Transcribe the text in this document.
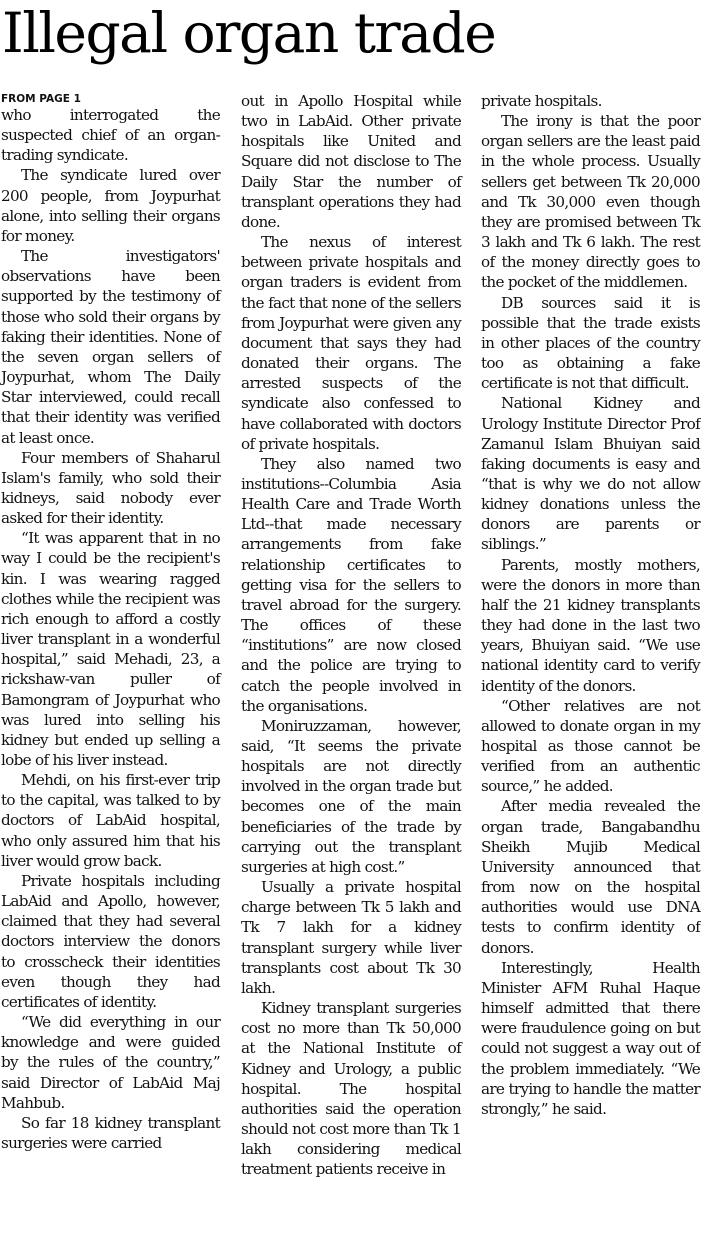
Illegal organ trade
FROM PAGE 1

who interrogated the suspected chief of an organ-trading syndicate.

The syndicate lured over 200 people, from Joypurhat alone, into selling their organs for money.

The investigators' observations have been supported by the testimony of those who sold their organs by faking their identities. None of the seven organ sellers of Joypurhat, whom The Daily Star interviewed, could recall that their identity was verified at least once.

Four members of Shaharul Islam's family, who sold their kidneys, said nobody ever asked for their identity.

“It was apparent that in no way I could be the recipient's kin. I was wearing ragged clothes while the recipient was rich enough to afford a costly liver transplant in a wonderful hospital,” said Mehadi, 23, a rickshaw-van puller of Bamongram of Joypurhat who was lured into selling his kidney but ended up selling a lobe of his liver instead.

Mehdi, on his first-ever trip to the capital, was talked to by doctors of LabAid hospital, who only assured him that his liver would grow back.

Private hospitals including LabAid and Apollo, however, claimed that they had several doctors interview the donors to crosscheck their identities even though they had certificates of identity.

“We did everything in our knowledge and were guided by the rules of the country,” said Director of LabAid Maj Mahbub.

So far 18 kidney transplant surgeries were carried

out in Apollo Hospital while two in LabAid. Other private hospitals like United and Square did not disclose to The Daily Star the number of transplant operations they had done.

The nexus of interest between private hospitals and organ traders is evident from the fact that none of the sellers from Joypurhat were given any document that says they had donated their organs. The arrested suspects of the syndicate also confessed to have collaborated with doctors of private hospitals.

They also named two institutions--Columbia Asia Health Care and Trade Worth Ltd--that made necessary arrangements from fake relationship certificates to getting visa for the sellers to travel abroad for the surgery. The offices of these “institutions” are now closed and the police are trying to catch the people involved in the organisations.

Moniruzzaman, however, said, “It seems the private hospitals are not directly involved in the organ trade but becomes one of the main beneficiaries of the trade by carrying out the transplant surgeries at high cost.”

Usually a private hospital charge between Tk 5 lakh and Tk 7 lakh for a kidney transplant surgery while liver transplants cost about Tk 30 lakh.

Kidney transplant surgeries cost no more than Tk 50,000 at the National Institute of Kidney and Urology, a public hospital. The hospital authorities said the operation should not cost more than Tk 1 lakh considering medical treatment patients receive in

private hospitals.

The irony is that the poor organ sellers are the least paid in the whole process. Usually sellers get between Tk 20,000 and Tk 30,000 even though they are promised between Tk 3 lakh and Tk 6 lakh. The rest of the money directly goes to the pocket of the middlemen.

DB sources said it is possible that the trade exists in other places of the country too as obtaining a fake certificate is not that difficult.

National Kidney and Urology Institute Director Prof Zamanul Islam Bhuiyan said faking documents is easy and “that is why we do not allow kidney donations unless the donors are parents or siblings.”

Parents, mostly mothers, were the donors in more than half the 21 kidney transplants they had done in the last two years, Bhuiyan said. “We use national identity card to verify identity of the donors.

“Other relatives are not allowed to donate organ in my hospital as those cannot be verified from an authentic source,” he added.

After media revealed the organ trade, Bangabandhu Sheikh Mujib Medical University announced that from now on the hospital authorities would use DNA tests to confirm identity of donors.

Interestingly, Health Minister AFM Ruhal Haque himself admitted that there were fraudulence going on but could not suggest a way out of the problem immediately. “We are trying to handle the matter strongly,” he said.
